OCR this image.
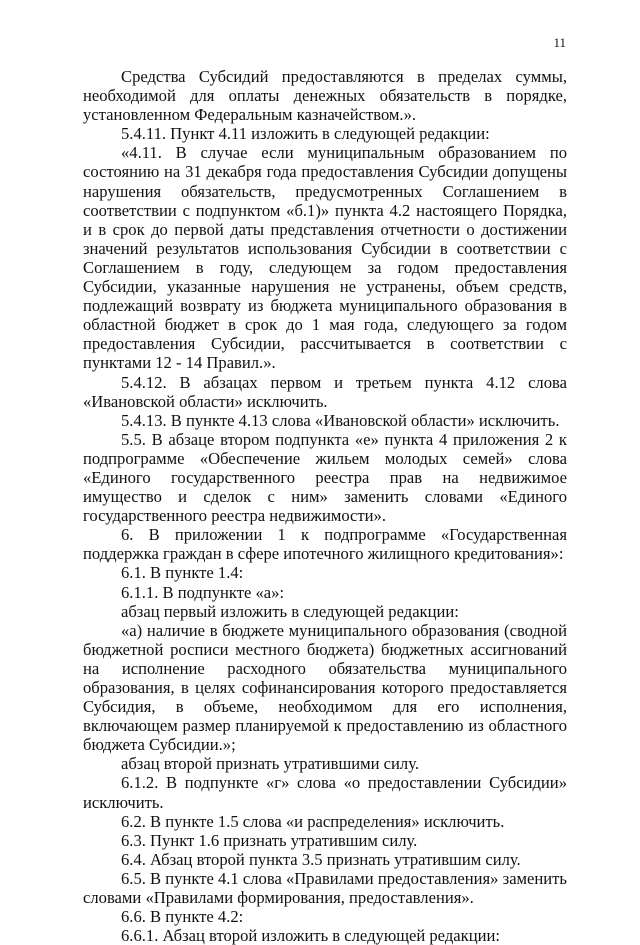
11

Средства Субсидий предоставляются в пределах суммы, необходимой для оплаты денежных обязательств в порядке, установленном Федеральным казначейством.».

5.4.11. Пункт 4.11 изложить в следующей редакции:

«4.11. В случае если муниципальным образованием по состоянию на 31 декабря года предоставления Субсидии допущены нарушения обязательств, предусмотренных Соглашением в соответствии с подпунктом «б.1)» пункта 4.2 настоящего Порядка, и в срок до первой даты представления отчетности о достижении значений результатов использования Субсидии в соответствии с Соглашением в году, следующем за годом предоставления Субсидии, указанные нарушения не устранены, объем средств, подлежащий возврату из бюджета муниципального образования в областной бюджет в срок до 1 мая года, следующего за годом предоставления Субсидии, рассчитывается в соответствии с пунктами 12 - 14 Правил.».

5.4.12. В абзацах первом и третьем пункта 4.12 слова «Ивановской области» исключить.

5.4.13. В пункте 4.13 слова «Ивановской области» исключить.

5.5. В абзаце втором подпункта «е» пункта 4 приложения 2 к подпрограмме «Обеспечение жильем молодых семей» слова «Единого государственного реестра прав на недвижимое имущество и сделок с ним» заменить словами «Единого государственного реестра недвижимости».

6. В приложении 1 к подпрограмме «Государственная поддержка граждан в сфере ипотечного жилищного кредитования»:

6.1. В пункте 1.4:

6.1.1. В подпункте «а»:

абзац первый изложить в следующей редакции:

«а) наличие в бюджете муниципального образования (сводной бюджетной росписи местного бюджета) бюджетных ассигнований на исполнение расходного обязательства муниципального образования, в целях софинансирования которого предоставляется Субсидия, в объеме, необходимом для его исполнения, включающем размер планируемой к предоставлению из областного бюджета Субсидии.»;

абзац второй признать утратившими силу.

6.1.2. В подпункте «г» слова «о предоставлении Субсидии» исключить.

6.2. В пункте 1.5 слова «и распределения» исключить.

6.3. Пункт 1.6 признать утратившим силу.

6.4. Абзац второй пункта 3.5 признать утратившим силу.

6.5. В пункте 4.1 слова «Правилами предоставления» заменить словами «Правилами формирования, предоставления».

6.6. В пункте 4.2:

6.6.1. Абзац второй изложить в следующей редакции:
